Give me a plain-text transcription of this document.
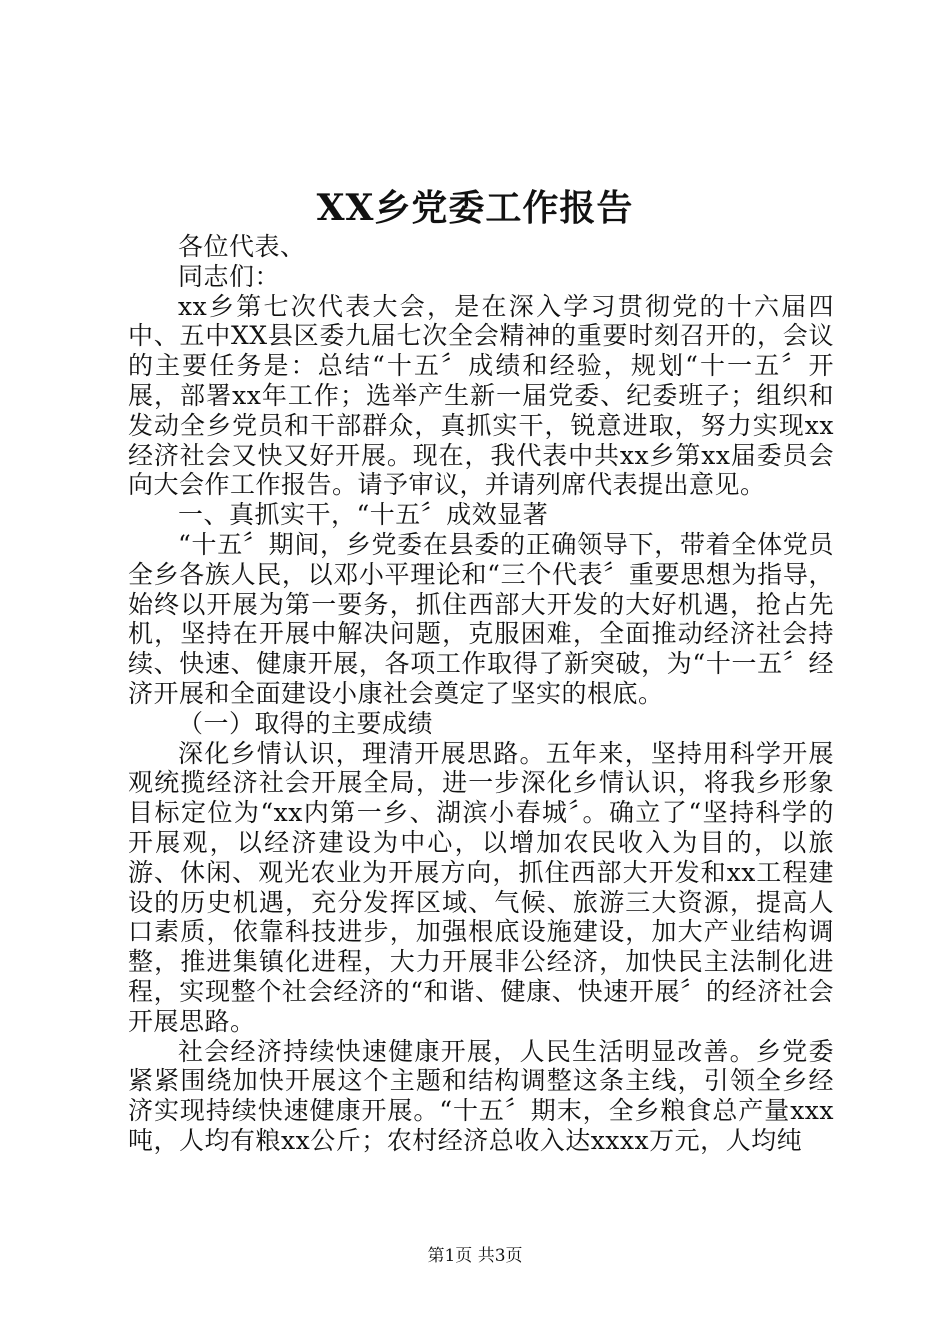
XX乡党委工作报告

各位代表、

同志们：

xx乡第七次代表大会，是在深入学习贯彻党的十六届四中、五中XX县区委九届七次全会精神的重要时刻召开的，会议的主要任务是：总结“十五〞成绩和经验，规划“十一五〞开展，部署xx年工作；选举产生新一届党委、纪委班子；组织和发动全乡党员和干部群众，真抓实干，锐意进取，努力实现xx经济社会又快又好开展。现在，我代表中共xx乡第xx届委员会向大会作工作报告。请予审议，并请列席代表提出意见。

一、真抓实干，“十五〞成效显著

“十五〞期间，乡党委在县委的正确领导下，带着全体党员全乡各族人民，以邓小平理论和“三个代表〞重要思想为指导，始终以开展为第一要务，抓住西部大开发的大好机遇，抢占先机，坚持在开展中解决问题，克服困难，全面推动经济社会持续、快速、健康开展，各项工作取得了新突破，为“十一五〞经济开展和全面建设小康社会奠定了坚实的根底。

（一）取得的主要成绩

深化乡情认识，理清开展思路。五年来，坚持用科学开展观统揽经济社会开展全局，进一步深化乡情认识，将我乡形象目标定位为“xx内第一乡、湖滨小春城〞。确立了“坚持科学的开展观，以经济建设为中心，以增加农民收入为目的，以旅游、休闲、观光农业为开展方向，抓住西部大开发和xx工程建设的历史机遇，充分发挥区域、气候、旅游三大资源，提高人口素质，依靠科技进步，加强根底设施建设，加大产业结构调整，推进集镇化进程，大力开展非公经济，加快民主法制化进程，实现整个社会经济的“和谐、健康、快速开展〞的经济社会开展思路。

社会经济持续快速健康开展，人民生活明显改善。乡党委紧紧围绕加快开展这个主题和结构调整这条主线，引领全乡经济实现持续快速健康开展。“十五〞期末，全乡粮食总产量xxx吨，人均有粮xx公斤；农村经济总收入达xxxx万元，人均纯

第1页 共3页
